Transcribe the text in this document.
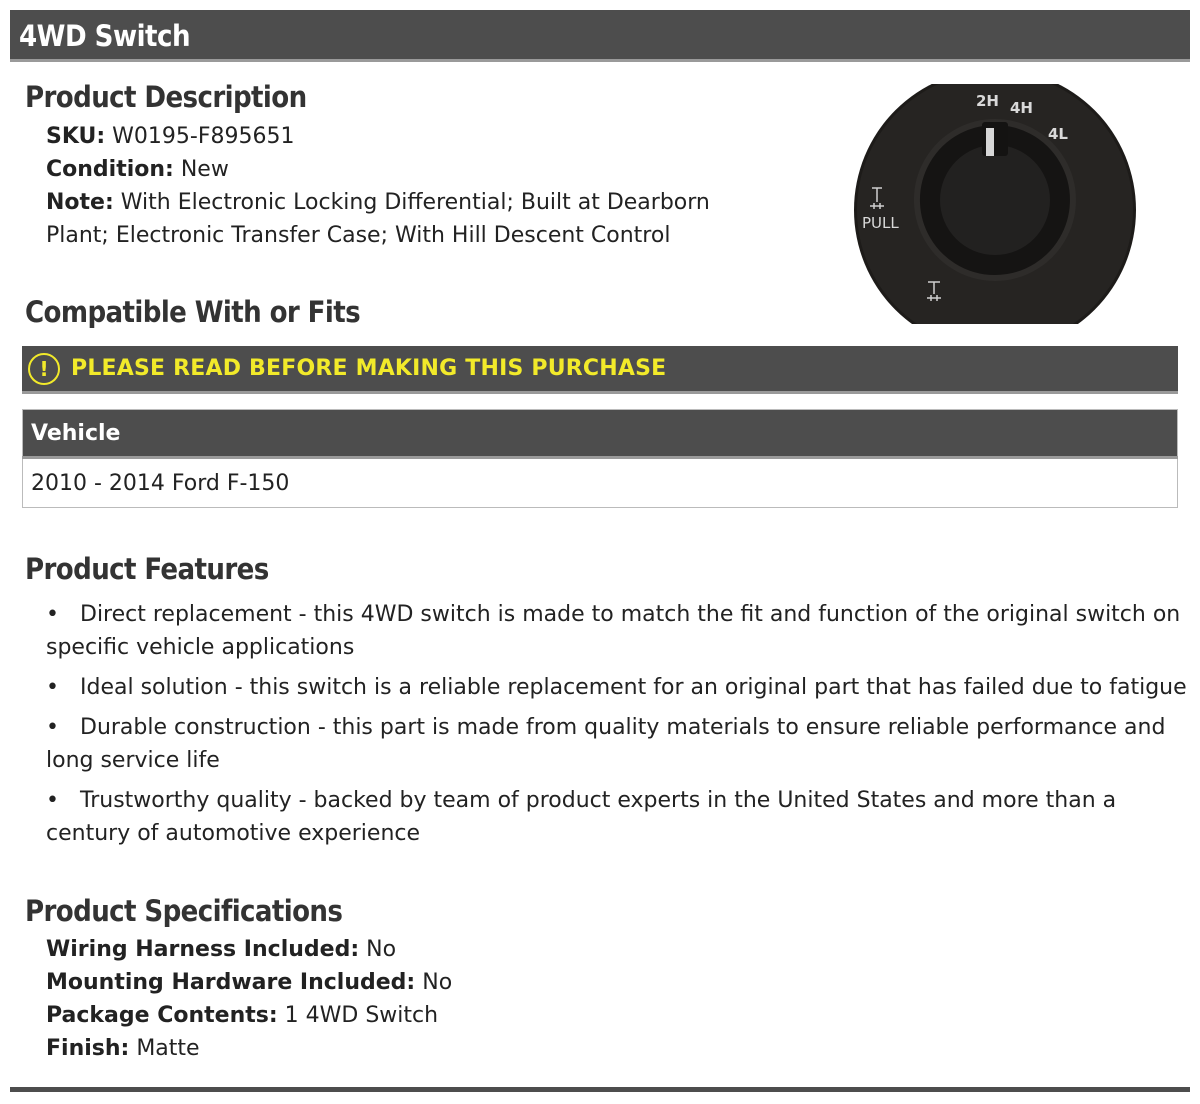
4WD Switch
Product Description
SKU: W0195-F895651
Condition: New
Note: With Electronic Locking Differential; Built at Dearborn Plant; Electronic Transfer Case; With Hill Descent Control
2H 4H
4L
PULL
Compatible With or Fits
!	PLEASE READ BEFORE MAKING THIS PURCHASE
Vehicle
2010 - 2014 Ford F-150
Product Features
• Direct replacement - this 4WD switch is made to match the fit and function of the original switch on specific vehicle applications
• Ideal solution - this switch is a reliable replacement for an original part that has failed due to fatigue
• Durable construction - this part is made from quality materials to ensure reliable performance and long service life
• Trustworthy quality - backed by team of product experts in the United States and more than a century of automotive experience
Product Specifications
Wiring Harness Included: No
Mounting Hardware Included: No
Package Contents: 1 4WD Switch
Finish: Matte
